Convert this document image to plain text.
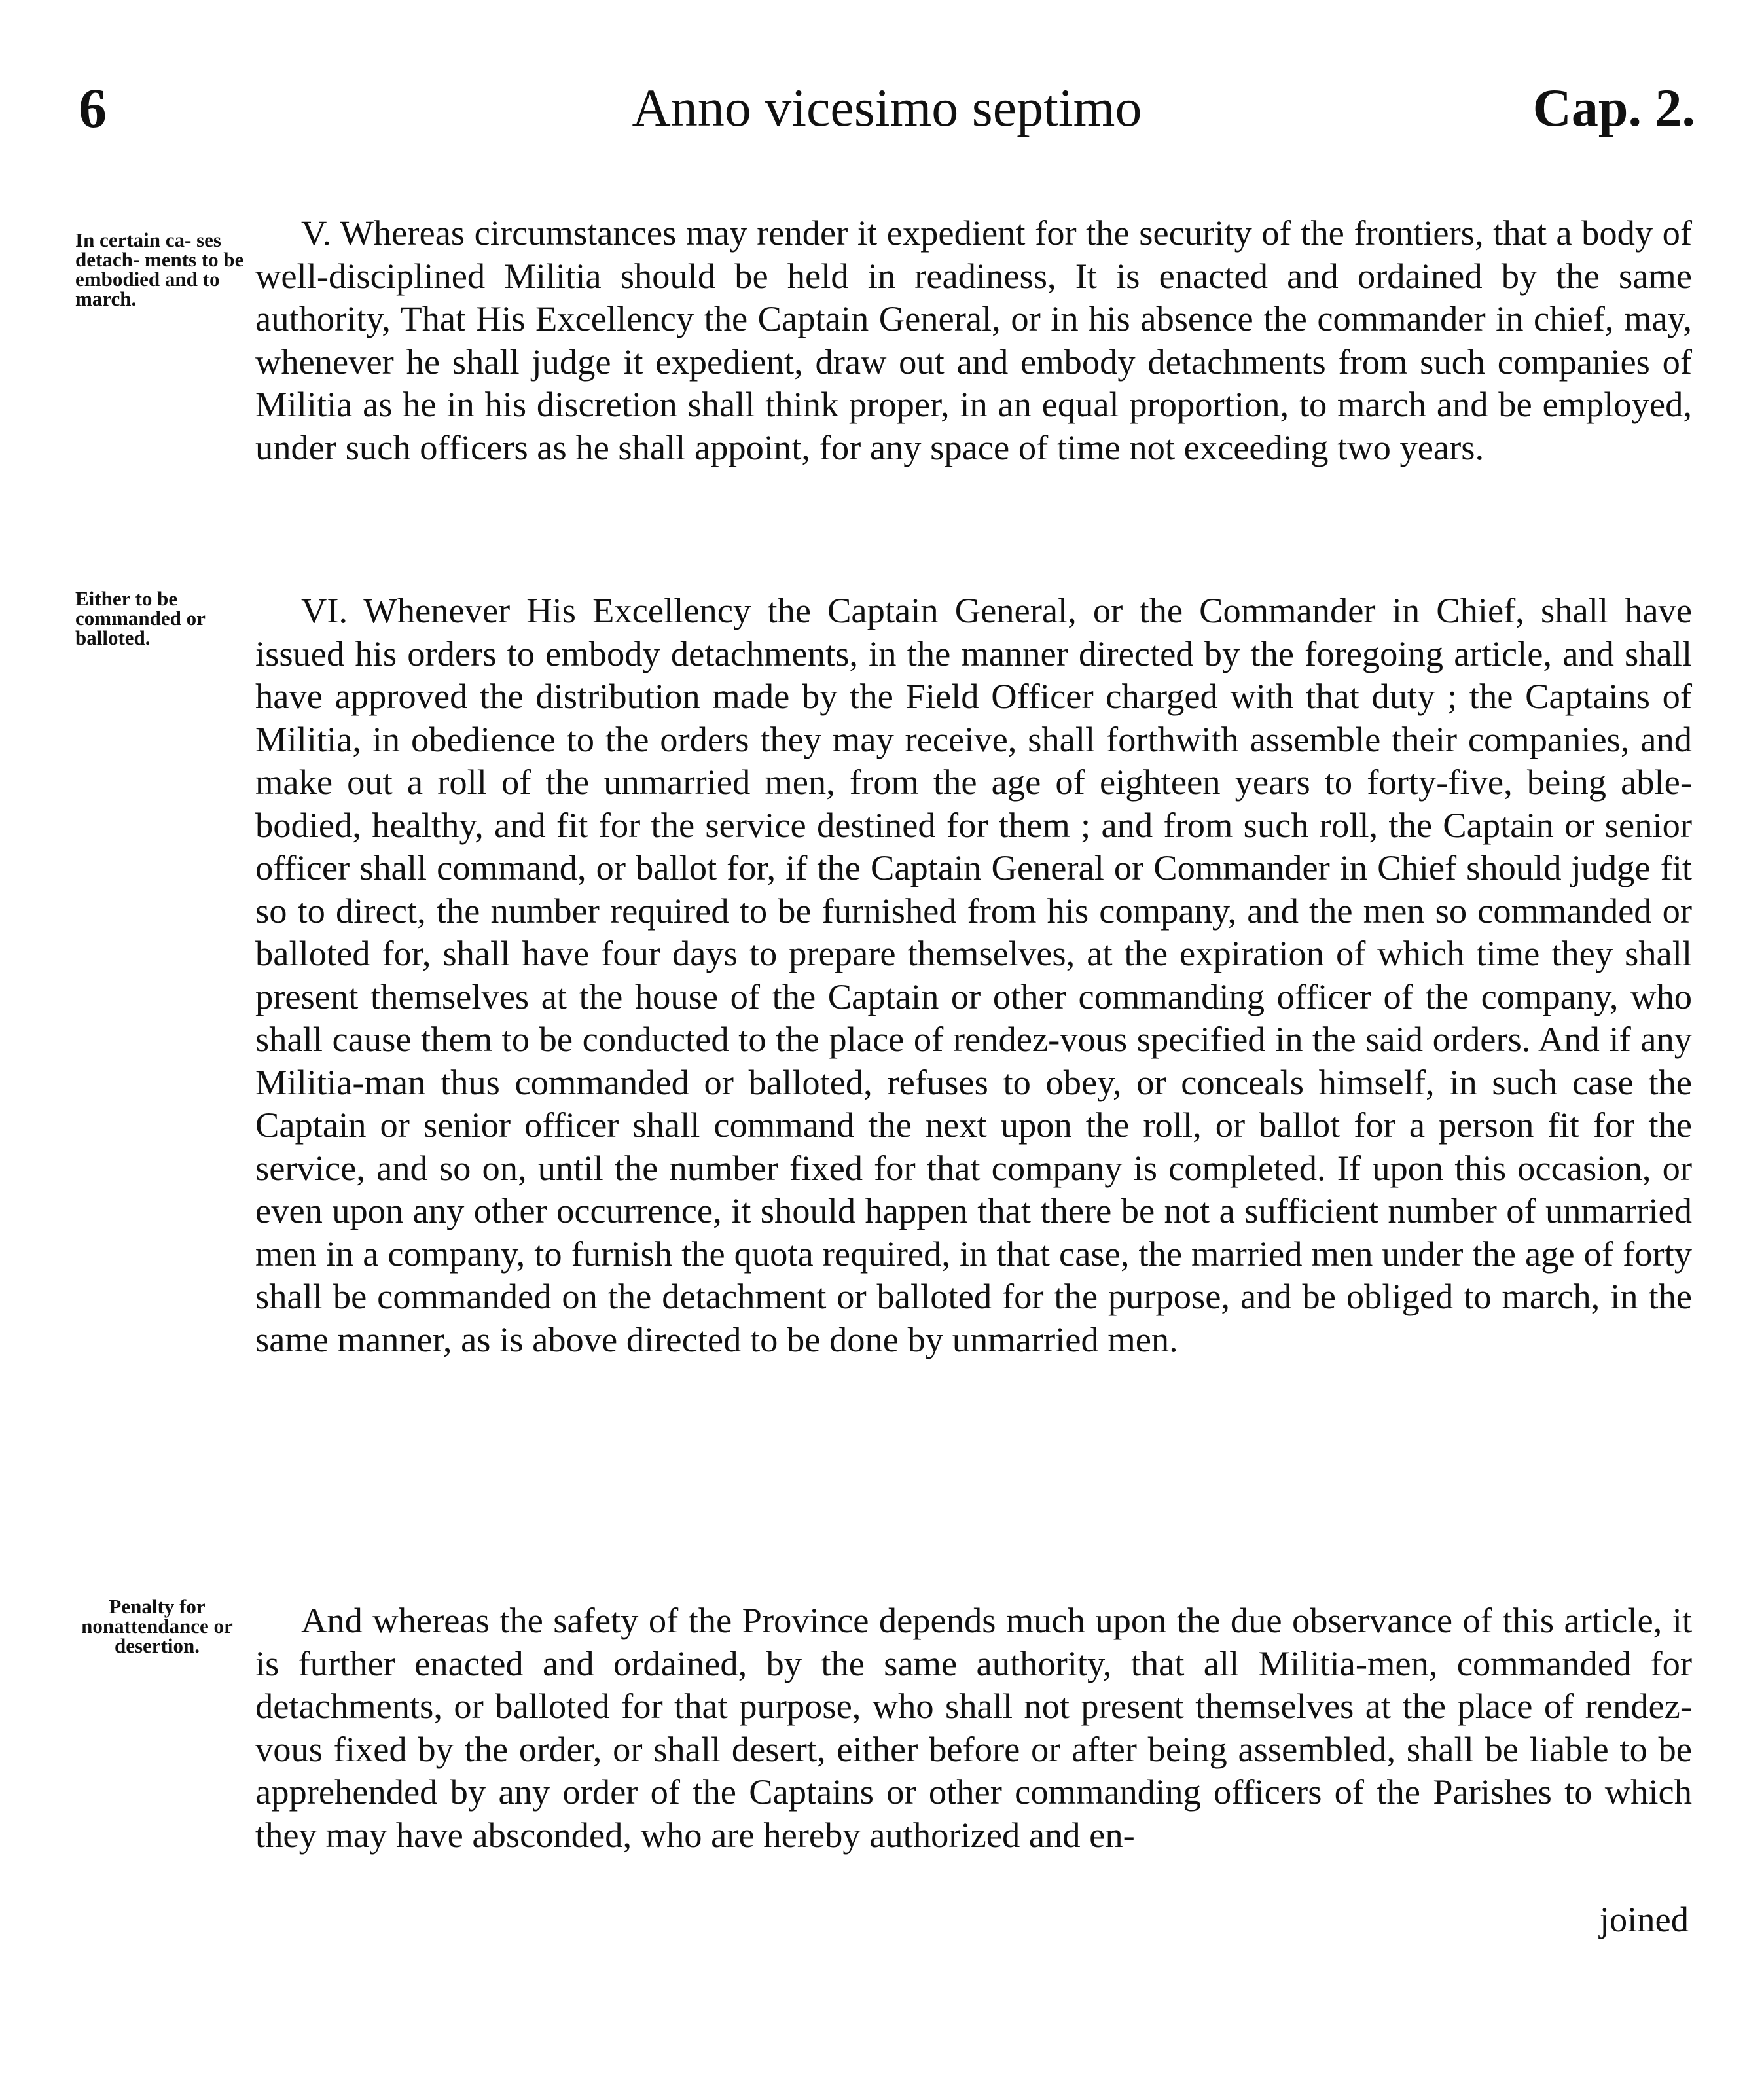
6	Anno vicesimo septimo	Cap. 2.
In certain ca- ses detach- ments to be embodied and to march.

V. Whereas circumstances may render it expedient for the security of the frontiers, that a body of well-disciplined Militia should be held in readiness, It is enacted and ordained by the same authority, That His Excellency the Captain General, or in his absence the commander in chief, may, whenever he shall judge it expedient, draw out and embody detachments from such companies of Militia as he in his discretion shall think proper, in an equal proportion, to march and be employed, under such officers as he shall appoint, for any space of time not exceeding two years.

Either to be commanded or balloted.

VI. Whenever His Excellency the Captain General, or the Commander in Chief, shall have issued his orders to embody detachments, in the manner directed by the foregoing article, and shall have approved the distribution made by the Field Officer charged with that duty ; the Captains of Militia, in obedience to the orders they may receive, shall forthwith assemble their companies, and make out a roll of the unmarried men, from the age of eighteen years to forty-five, being able-bodied, healthy, and fit for the service destined for them ; and from such roll, the Captain or senior officer shall command, or ballot for, if the Captain General or Commander in Chief should judge fit so to direct, the number required to be furnished from his company, and the men so commanded or balloted for, shall have four days to prepare themselves, at the expiration of which time they shall present themselves at the house of the Captain or other commanding officer of the company, who shall cause them to be conducted to the place of rendez-vous specified in the said orders. And if any Militia-man thus commanded or balloted, refuses to obey, or conceals himself, in such case the Captain or senior officer shall command the next upon the roll, or ballot for a person fit for the service, and so on, until the number fixed for that company is completed. If upon this occasion, or even upon any other occurrence, it should happen that there be not a sufficient number of unmarried men in a company, to furnish the quota required, in that case, the married men under the age of forty shall be commanded on the detachment or balloted for the purpose, and be obliged to march, in the same manner, as is above directed to be done by unmarried men.

Penalty for nonattendance or desertion.

And whereas the safety of the Province depends much upon the due observance of this article, it is further enacted and ordained, by the same authority, that all Militia-men, commanded for detachments, or balloted for that purpose, who shall not present themselves at the place of rendez-vous fixed by the order, or shall desert, either before or after being assembled, shall be liable to be apprehended by any order of the Captains or other commanding officers of the Parishes to which they may have absconded, who are hereby authorized and en-

joined
